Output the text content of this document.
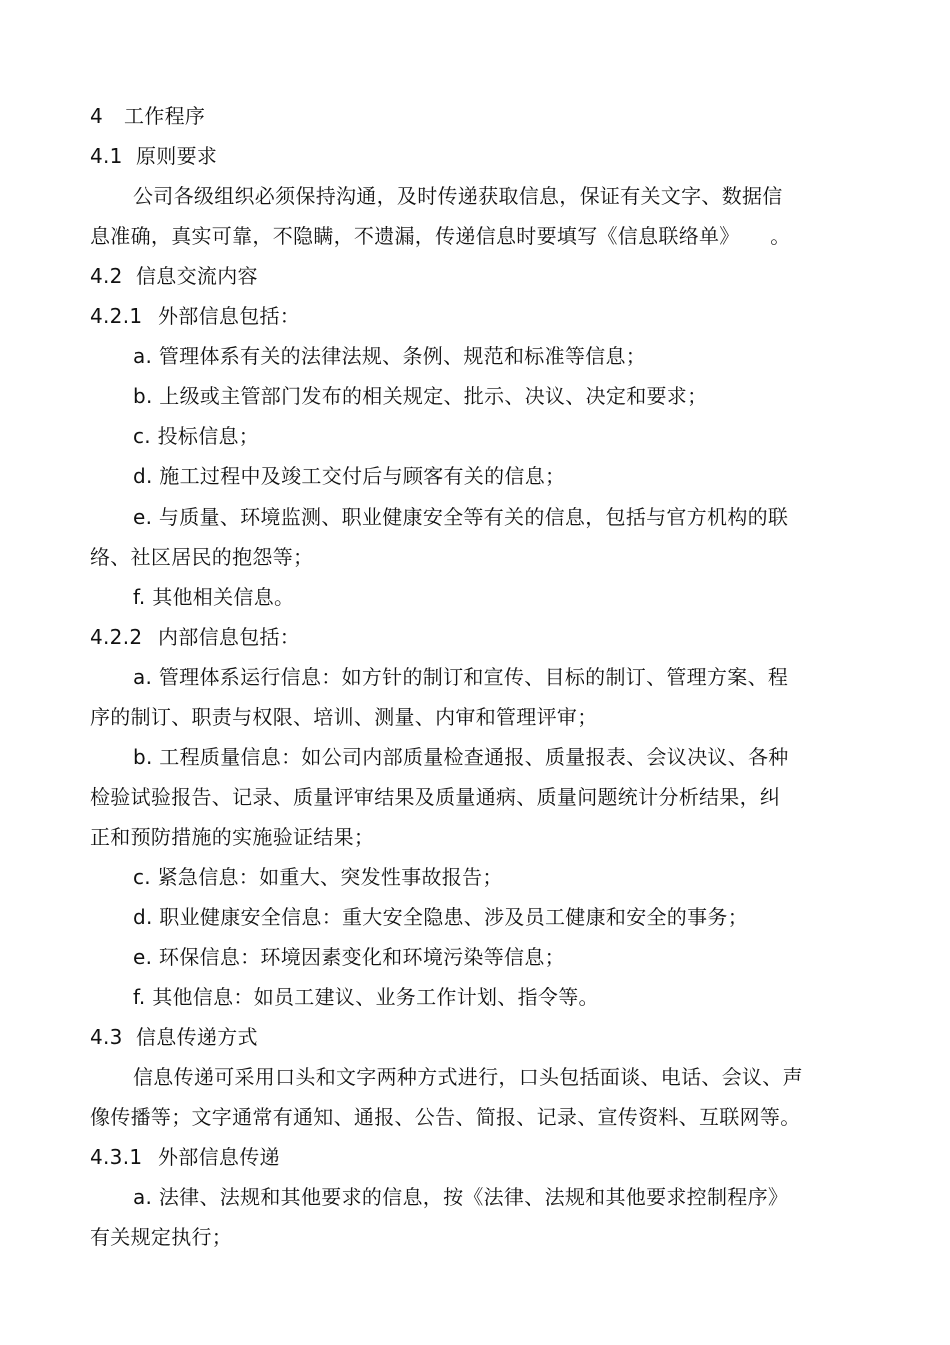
4 工作程序
4.1 原则要求
公司各级组织必须保持沟通，及时传递获取信息，保证有关文字、数据信
息准确，真实可靠，不隐瞒，不遗漏，传递信息时要填写《信息联络单》　　。
4.2 信息交流内容
4.2.1 外部信息包括：
a. 管理体系有关的法律法规、条例、规范和标准等信息；
b. 上级或主管部门发布的相关规定、批示、决议、决定和要求；
c. 投标信息；
d. 施工过程中及竣工交付后与顾客有关的信息；
e. 与质量、环境监测、职业健康安全等有关的信息，包括与官方机构的联
络、社区居民的抱怨等；
f. 其他相关信息。
4.2.2 内部信息包括：
a. 管理体系运行信息：如方针的制订和宣传、目标的制订、管理方案、程
序的制订、职责与权限、培训、测量、内审和管理评审；
b. 工程质量信息：如公司内部质量检查通报、质量报表、会议决议、各种
检验试验报告、记录、质量评审结果及质量通病、质量问题统计分析结果，纠
正和预防措施的实施验证结果；
c. 紧急信息：如重大、突发性事故报告；
d. 职业健康安全信息：重大安全隐患、涉及员工健康和安全的事务；
e. 环保信息：环境因素变化和环境污染等信息；
f. 其他信息：如员工建议、业务工作计划、指令等。
4.3 信息传递方式
信息传递可采用口头和文字两种方式进行，口头包括面谈、电话、会议、声
像传播等；文字通常有通知、通报、公告、简报、记录、宣传资料、互联网等。
4.3.1 外部信息传递
a. 法律、法规和其他要求的信息，按《法律、法规和其他要求控制程序》
有关规定执行；
